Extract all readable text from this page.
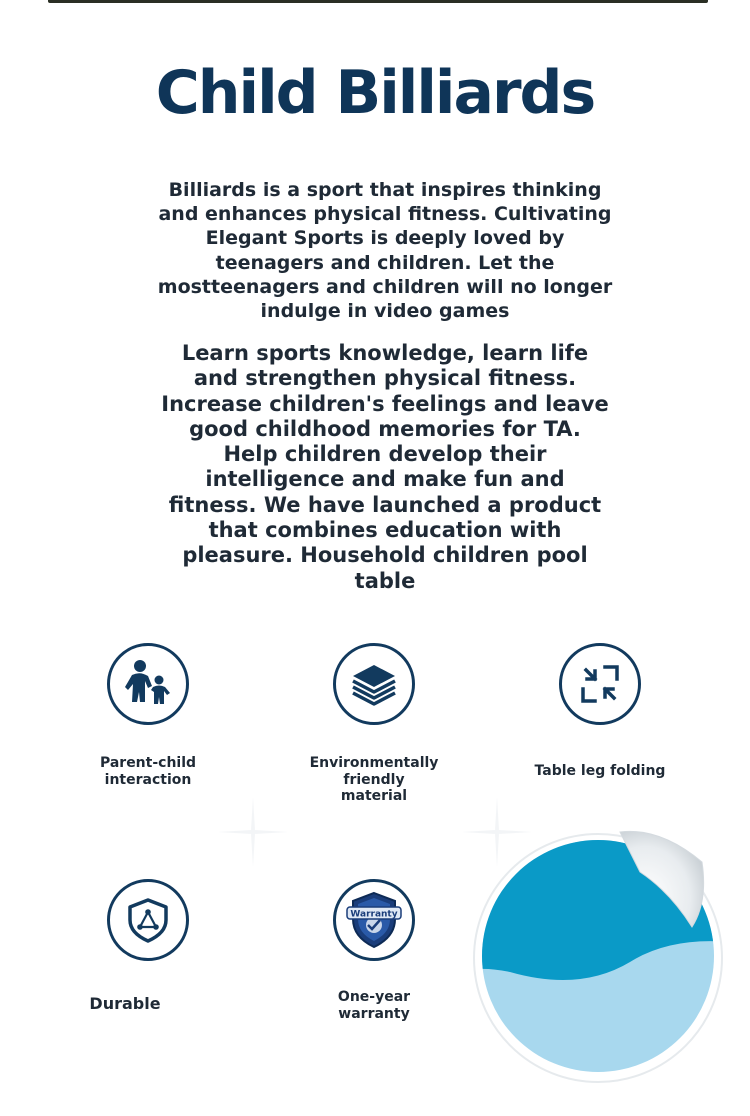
Child Billiards
Billiards is a sport that inspires thinking and enhances physical fitness. Cultivating Elegant Sports is deeply loved by teenagers and children. Let the mostteenagers and children will no longer indulge in video games
Learn sports knowledge, learn life and strengthen physical fitness. Increase children's feelings and leave good childhood memories for TA. Help children develop their intelligence and make fun and fitness. We have launched a product that combines education with pleasure. Household children pool table
Parent-child interaction
Environmentally friendly material
Table leg folding
Durable
Warranty
One-year warranty
